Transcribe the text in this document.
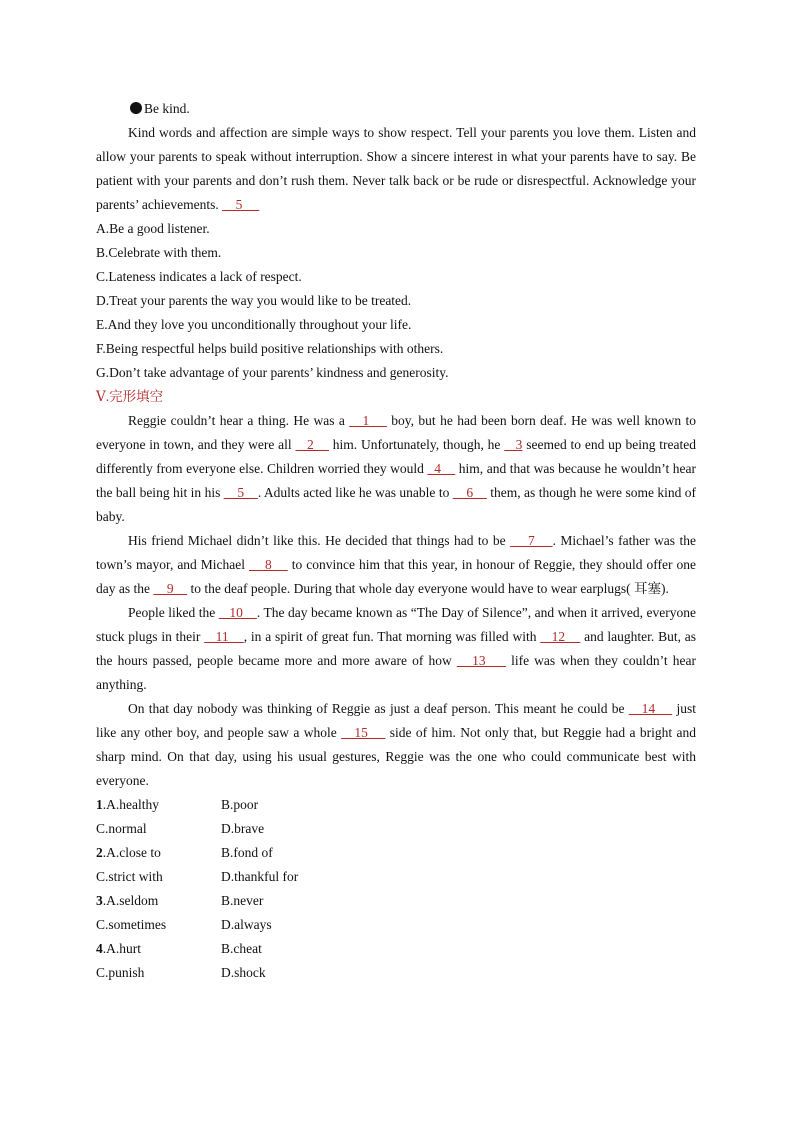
Be kind.

Kind words and affection are simple ways to show respect. Tell your parents you love them. Listen and allow your parents to speak without interruption. Show a sincere interest in what your parents have to say. Be patient with your parents and don’t rush them. Never talk back or be rude or disrespectful. Acknowledge your parents’ achievements.     5

A.Be a good listener.

B.Celebrate with them.

C.Lateness indicates a lack of respect.

D.Treat your parents the way you would like to be treated.

E.And they love you unconditionally throughout your life.

F.Being respectful helps build positive relationships with others.

G.Don’t take advantage of your parents’ kindness and generosity.

Ⅴ.完形填空

Reggie couldn’t hear a thing. He was a    1     boy, but he had been born deaf. He was well known to everyone in town, and they were all    2     him. Unfortunately, though, he    3 seemed to end up being treated differently from everyone else. Children worried they would _4     him, and that was because he wouldn’t hear the ball being hit in his     5    . Adults acted like he was unable to     6     them, as though he were some kind of baby.

His friend Michael didn’t like this. He decided that things had to be     7    . Michael’s father was the town’s mayor, and Michael     8     to convince him that this year, in honour of Reggie, they should offer one day as the     9     to the deaf people. During that whole day everyone would have to wear earplugs( 耳塞).

People liked the    10    . The day became known as “The Day of Silence”, and when it arrived, everyone stuck plugs in their    11    , in a spirit of great fun. That morning was filled with    12     and laughter. But, as the hours passed, people became more and more aware of how    13     life was when they couldn’t hear anything.

On that day nobody was thinking of Reggie as just a deaf person. This meant he could be    14     just like any other boy, and people saw a whole    15     side of him. Not only that, but Reggie had a bright and sharp mind. On that day, using his usual gestures, Reggie was the one who could communicate best with everyone.

1.A.healthy	B.poor
C.normal	D.brave
2.A.close to	B.fond of
C.strict with	D.thankful for
3.A.seldom	B.never
C.sometimes	D.always
4.A.hurt	B.cheat
C.punish	D.shock
